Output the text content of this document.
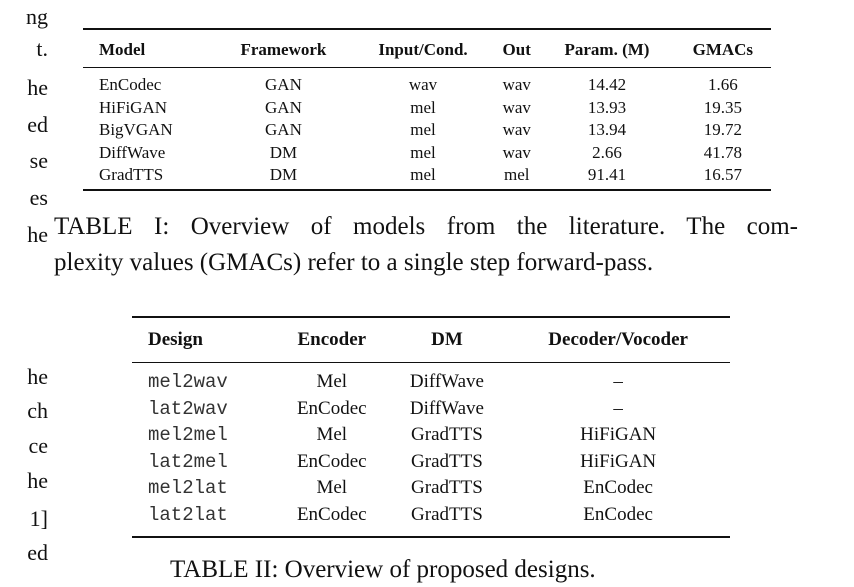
ng
t.
he
ed
se
es
he
he
ch
ce
he
1]
ed
Model	Framework	Input/Cond.	Out	Param. (M)	GMACs
EnCodec	GAN	wav	wav	14.42	1.66
HiFiGAN	GAN	mel	wav	13.93	19.35
BigVGAN	GAN	mel	wav	13.94	19.72
DiffWave	DM	mel	wav	2.66	41.78
GradTTS	DM	mel	mel	91.41	16.57
TABLE I: Overview of models from the literature. The com-
plexity values (GMACs) refer to a single step forward-pass.
Design	Encoder	DM	Decoder/Vocoder
mel2wav	Mel	DiffWave	–
lat2wav	EnCodec	DiffWave	–
mel2mel	Mel	GradTTS	HiFiGAN
lat2mel	EnCodec	GradTTS	HiFiGAN
mel2lat	Mel	GradTTS	EnCodec
lat2lat	EnCodec	GradTTS	EnCodec
TABLE II: Overview of proposed designs.
